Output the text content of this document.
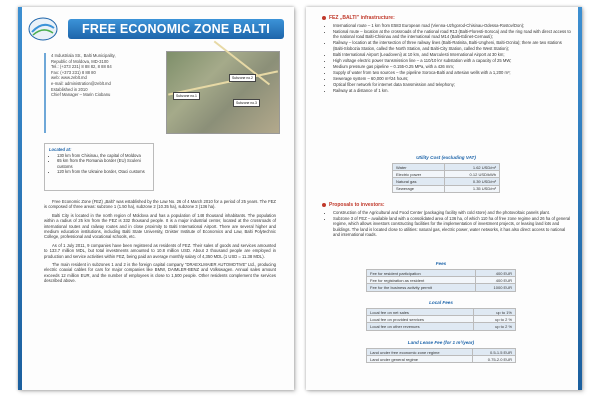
FREE ECONOMIC ZONE BALTI
4 Industriala Str., Balti Municipality,
Republic of Moldova, MD-3100
Tel.: (+373 231) 8 88 82, 8 88 84
Fax: (+373 231) 8 88 80
web: www.zeblt.md
e-mail: administration@zeblt.md
Established in 2010
Chief Manager – Marin Ciobanu	Subzone no.1
Subzone no.2
Subzone no.3
Located at:
• 130 km from Chisinau, the capital of Moldova
• 65 km from the Romania border (EU) Sculeni customs
• 120 km from the Ukraine border, Otaci customs

Free Economic Zone (FEZ) „Balti” was established by the Law No. 26 of 4 March 2010 for a period of 25 years. The FEZ is composed of three areas: subzone 1 (1.50 ha), subzone 2 (10.35 ha), subzone 3 (136 ha).

Balti City is located in the north region of Moldova and has a population of 148 thousand inhabitants. The population within a radius of 25 km from the FEZ is 332 thousand people. It is a major industrial center, located at the crossroads of international routes and railway routes and in close proximity to Balti International Airport. There are several higher and medium education institutions, including Balti State University, Dnister Institute of Economics and Law, Balti Polytechnic College, professional and vocational schools, etc.

As of 1 July 2011, 9 companies have been registered as residents of FEZ. Their sales of goods and services amounted to 133.7 million MDL, but total investments amounted to 10.8 million USD. About 2 thousand people are employed in production and service activities within FEZ, being paid an average monthly salary of 4,350 MDL (1 USD = 11.38 MDL).

The main resident in subzones 1 and 2 is the foreign capital company “DRAEXLMAIER AUTOMOTIVE” Ltd., producing electric coaxial cables for cars for major companies like BMW, DAIMLER-BENZ and Volkswagen. Annual sales amount exceeds 12 million EUR, and the number of employees is close to 1,500 people. Other residents complement the services described above.

FEZ „BALTI” infrastructure:
• International route – 1 km from E583 European road (Vienna-Uzhgorod-Chisinau-Odessa-Rostov/Don);
• National route – location at the crossroads of the national road R13 (Balti-Floresti-Soroca) and the ring road with direct access to the national road Balti-Chisinau and the international road M14 (Balti-Edinet-Cernauti);
• Railway – location at the intersection of three railway lines (Balti-Ratinita, Balti-Ungheni, Balti-Ocnita); there are two stations (Balti-Slobozia Station, called the North Station, and Balti-City Station, called the West Station);
• Balti International Airport (Leadoveni) at 10 km, and Marculesti International Airport at 30 km;
• High voltage electric power transmission line – a 110/10 kV substation with a capacity of 25 MW;
• Medium pressure gas pipeline – 0.155-0.25 MPa, with a 426 mm;
• Supply of water from two sources – the pipeline Soroca-Balti and artesian wells with a 1,200 m³;
• Sewerage system – 60,000 m³/24 hours;
• Optical fiber network for internet data transmission and telephony;
• Railway at a distance of 1 km.
Utility Cost (excluding VAT)
Water	1.62 USD/m³
Electric power	0.12 USD/kWh
Natural gas	0.39 USD/m³
Sewerage	1.35 USD/m³
Proposals to investors:
• Construction of the Agricultural and Food Center (packaging facility with cold store) and the photovoltaic panels plant.
• Subzone 3 of FEZ – available land with a consolidated area of 136 ha, of which 110 ha of free zone regime and 26 ha of general regime, which allows investors constructing facilities for the implementation of investment projects, or leasing land lots and buildings. The land is located close to utilities: natural gas, electric power, water networks, it has also direct access to national and international roads.
Fees
Fee for resident participation	400 EUR
Fee for registration as resident	400 EUR
Fee for the business activity permit	1000 EUR
Local Fees
Local fee on net sales	up to 1%
Local fee on provided services	up to 2 %
Local fee on other revenues	up to 2 %
Land Lease Fee (for 1 m²/year)
Land under free economic zone regime	0.5-1.5 EUR
Land under general regime	0.75-2.0 EUR
